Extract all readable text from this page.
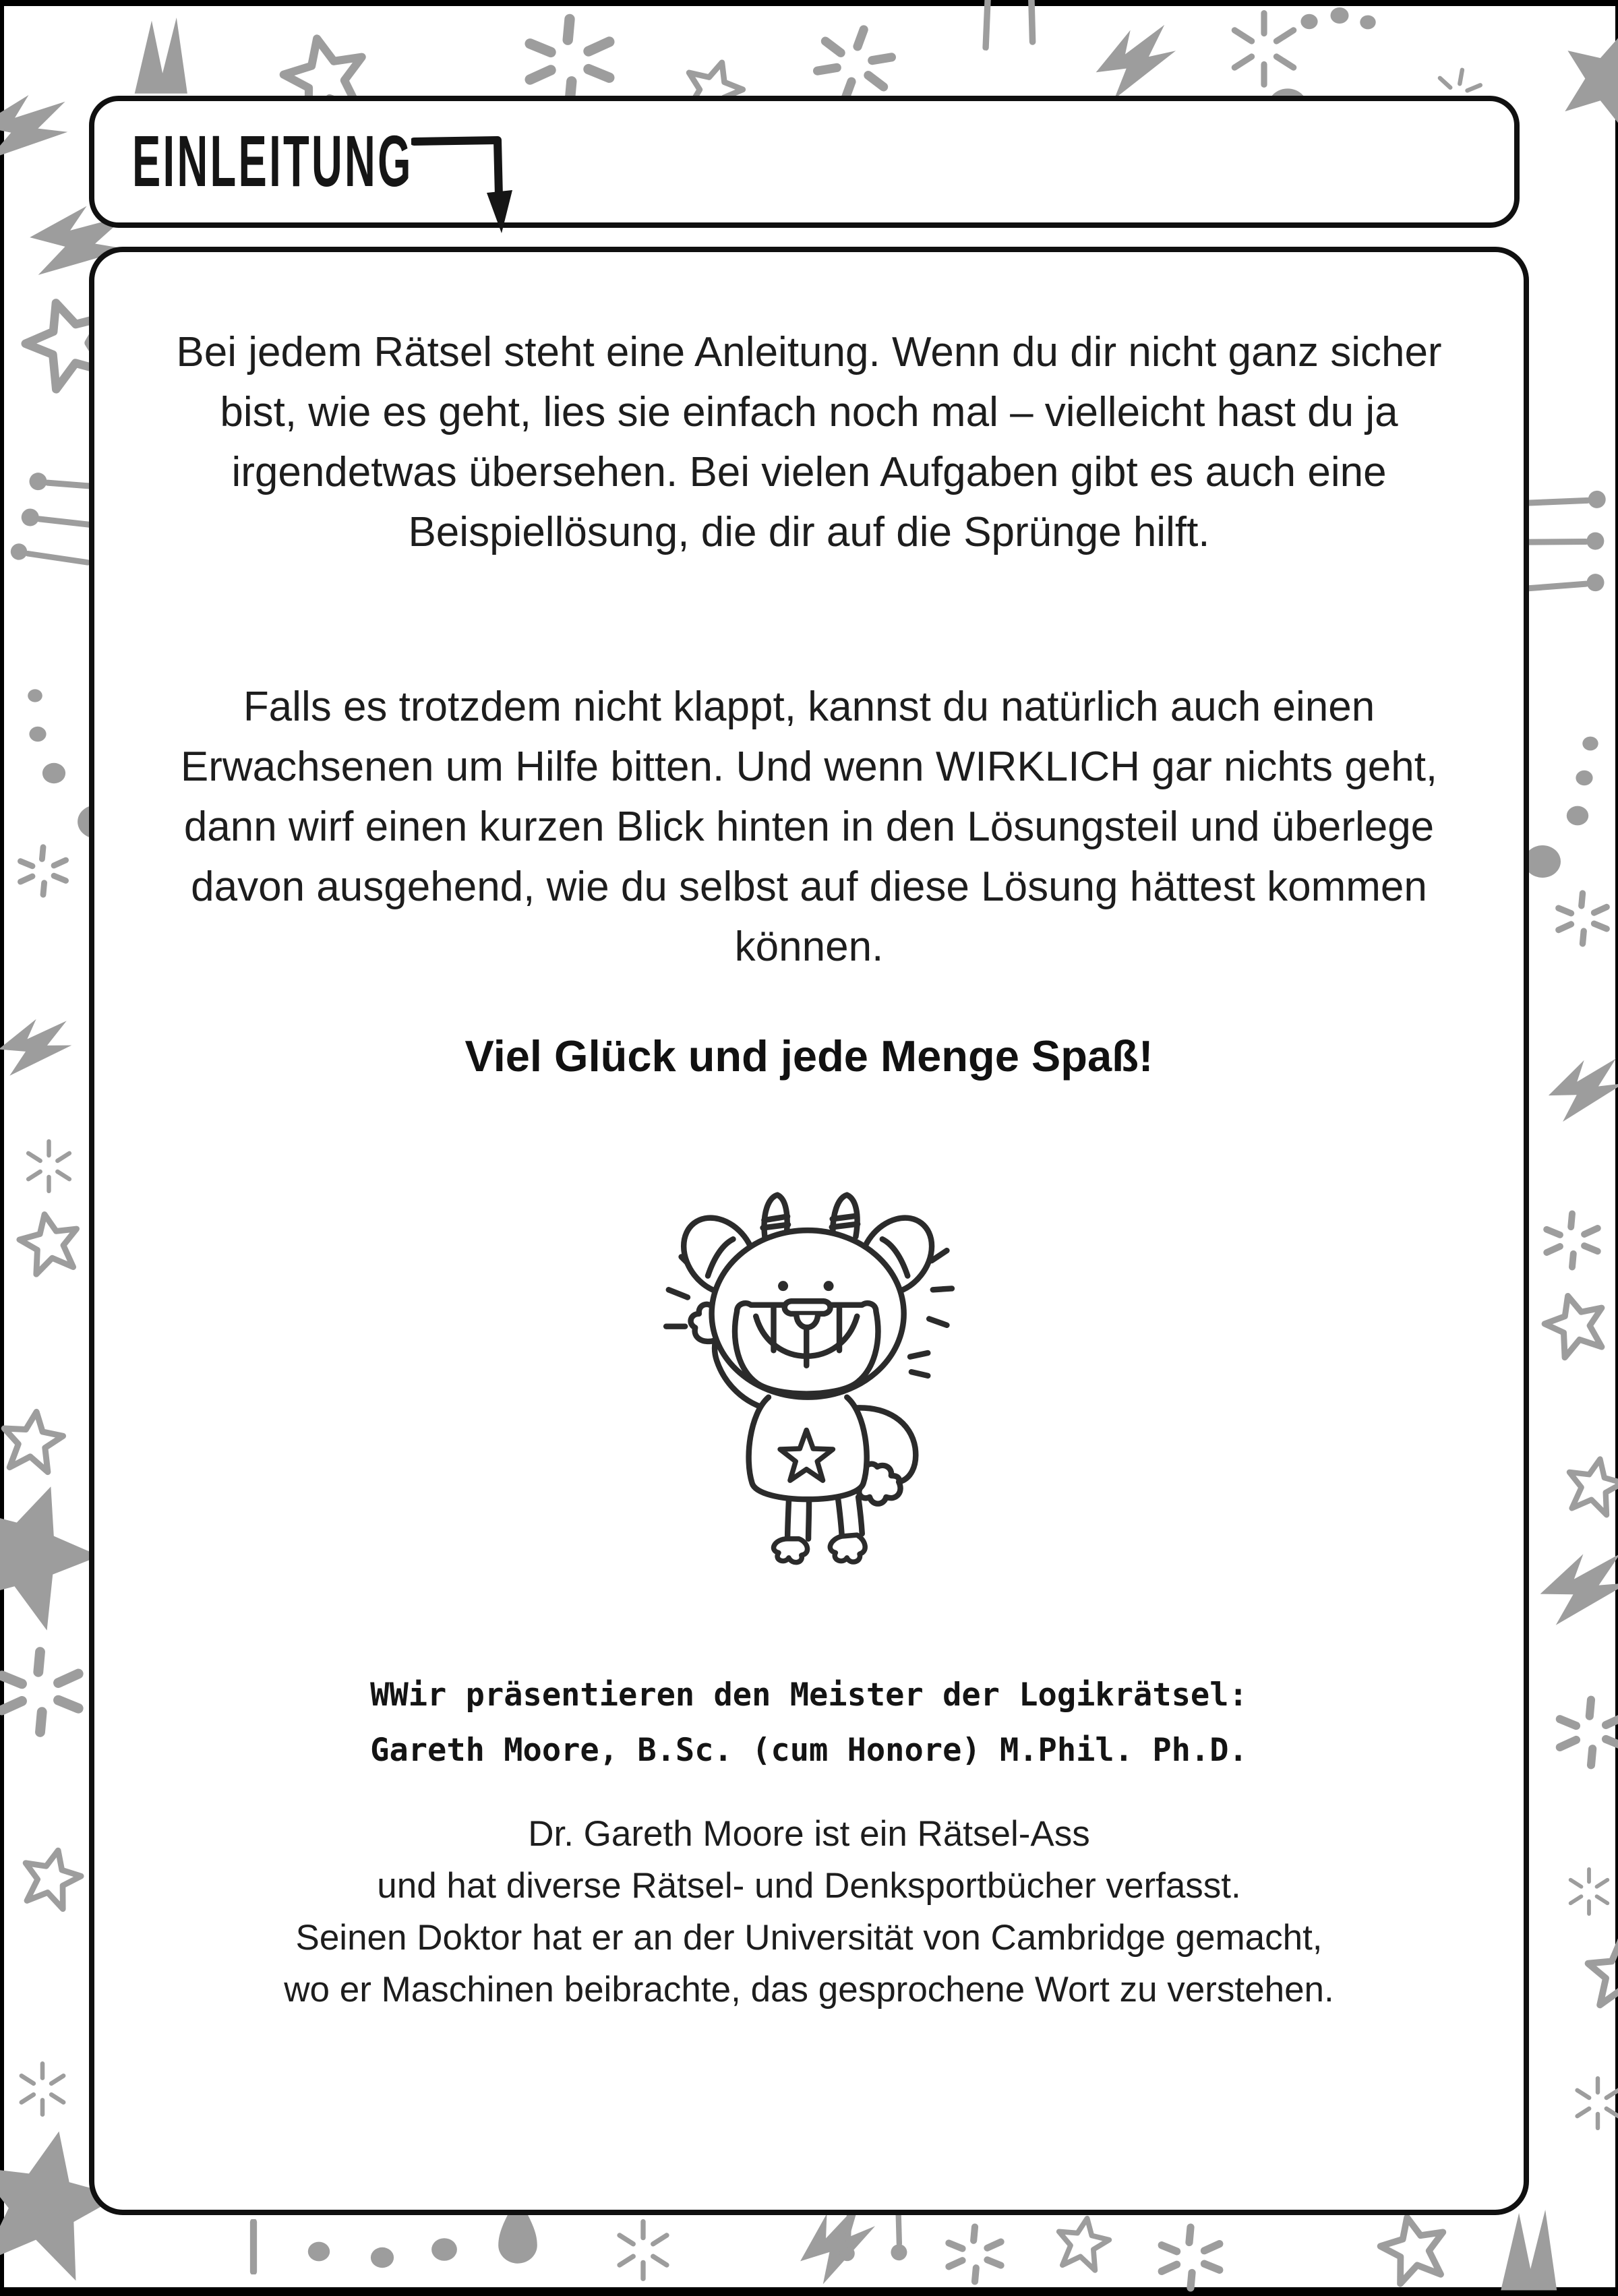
EINLEITUNG
Bei jedem Rätsel steht eine Anleitung. Wenn du dir nicht ganz sicher
bist, wie es geht, lies sie einfach noch mal – vielleicht hast du ja
irgendetwas übersehen. Bei vielen Aufgaben gibt es auch eine
Beispiellösung, die dir auf die Sprünge hilft.
Falls es trotzdem nicht klappt, kannst du natürlich auch einen
Erwachsenen um Hilfe bitten. Und wenn WIRKLICH gar nichts geht,
dann wirf einen kurzen Blick hinten in den Lösungsteil und überlege
davon ausgehend, wie du selbst auf diese Lösung hättest kommen
können.
Viel Glück und jede Menge Spaß!
WWir präsentieren den Meister der Logikrätsel:
Gareth Moore, B.Sc. (cum Honore) M.Phil. Ph.D.
Dr. Gareth Moore ist ein Rätsel-Ass
und hat diverse Rätsel- und Denksportbücher verfasst.
Seinen Doktor hat er an der Universität von Cambridge gemacht,
wo er Maschinen beibrachte, das gesprochene Wort zu verstehen.
